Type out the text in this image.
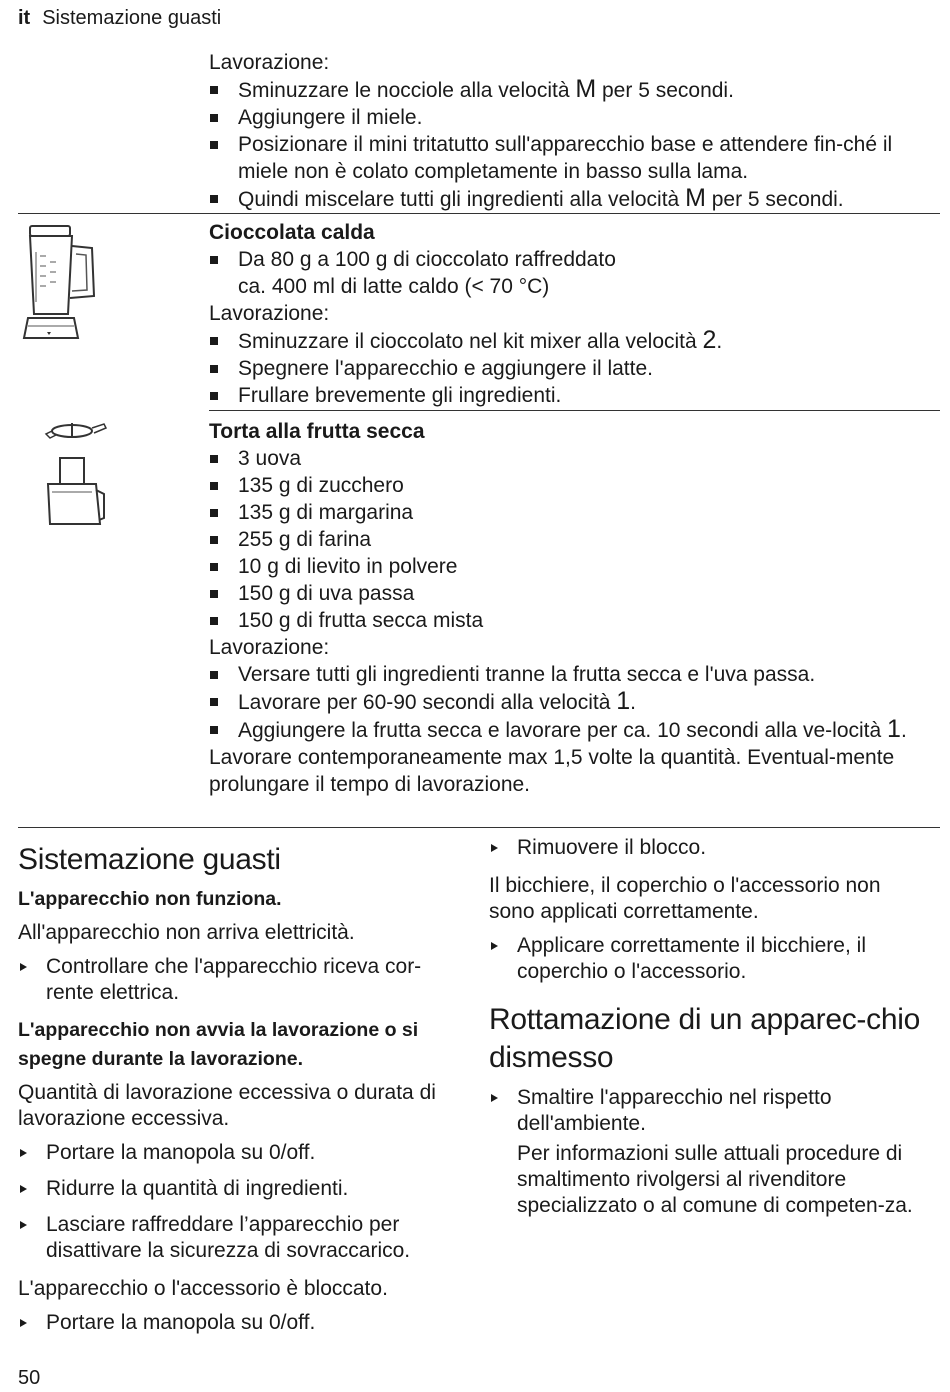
it Sistemazione guasti
Lavorazione:
Sminuzzare le nocciole alla velocità M per 5 secondi.
Aggiungere il miele.
Posizionare il mini tritatutto sull'apparecchio base e attendere fin-ché il miele non è colato completamente in basso sulla lama.
Quindi miscelare tutti gli ingredienti alla velocità M per 5 secondi.
Cioccolata calda
Da 80 g a 100 g di cioccolato raffreddato
ca. 400 ml di latte caldo (< 70 °C)
Lavorazione:
Sminuzzare il cioccolato nel kit mixer alla velocità 2.
Spegnere l'apparecchio e aggiungere il latte.
Frullare brevemente gli ingredienti.
Torta alla frutta secca
3 uova
135 g di zucchero
135 g di margarina
255 g di farina
10 g di lievito in polvere
150 g di uva passa
150 g di frutta secca mista
Lavorazione:
Versare tutti gli ingredienti tranne la frutta secca e l'uva passa.
Lavorare per 60-90 secondi alla velocità 1.
Aggiungere la frutta secca e lavorare per ca. 10 secondi alla ve-locità 1.
Lavorare contemporaneamente max 1,5 volte la quantità. Eventual-mente prolungare il tempo di lavorazione.
Sistemazione guasti
L'apparecchio non funziona.

All'apparecchio non arriva elettricità.

Controllare che l'apparecchio riceva cor-rente elettrica.
L'apparecchio non avvia la lavorazione o si spegne durante la lavorazione.

Quantità di lavorazione eccessiva o durata di lavorazione eccessiva.

Portare la manopola su 0/off.
Ridurre la quantità di ingredienti.
Lasciare raffreddare l’apparecchio per disattivare la sicurezza di sovraccarico.

L'apparecchio o l'accessorio è bloccato.

Portare la manopola su 0/off.
Rimuovere il blocco.

Il bicchiere, il coperchio o l'accessorio non sono applicati correttamente.

Applicare correttamente il bicchiere, il coperchio o l'accessorio.
Rottamazione di un apparec-chio dismesso
Smaltire l'apparecchio nel rispetto dell'ambiente.
Per informazioni sulle attuali procedure di smaltimento rivolgersi al rivenditore specializzato o al comune di competen-za.
50
